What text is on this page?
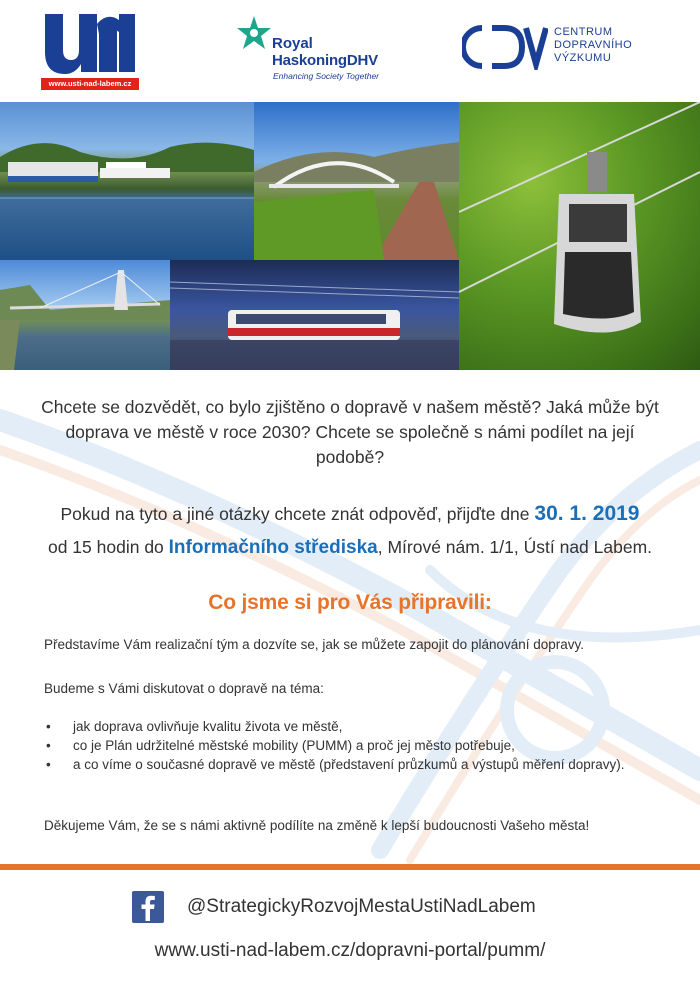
www.usti-nad-labem.cz
Royal
HaskoningDHV
Enhancing Society Together
CENTRUM
DOPRAVNÍHO
VÝZKUMU
Chcete se dozvědět, co bylo zjištěno o dopravě v našem městě? Jaká může být doprava ve městě v roce 2030? Chcete se společně s námi podílet na její podobě?
Pokud na tyto a jiné otázky chcete znát odpověď, přijďte dne 30. 1. 2019
od 15 hodin do Informačního střediska, Mírové nám. 1/1, Ústí nad Labem.
Co jsme si pro Vás připravili:
Představíme Vám realizační tým a dozvíte se, jak se můžete zapojit do plánování dopravy.
Budeme s Vámi diskutovat o dopravě na téma:
• jak doprava ovlivňuje kvalitu života ve městě,
• co je Plán udržitelné městské mobility (PUMM) a proč jej město potřebuje,
• a co víme o současné dopravě ve městě (představení průzkumů a výstupů měření dopravy).
Děkujeme Vám, že se s námi aktivně podílíte na změně k lepší budoucnosti Vašeho města!
@StrategickyRozvojMestaUstiNadLabem
www.usti-nad-labem.cz/dopravni-portal/pumm/
